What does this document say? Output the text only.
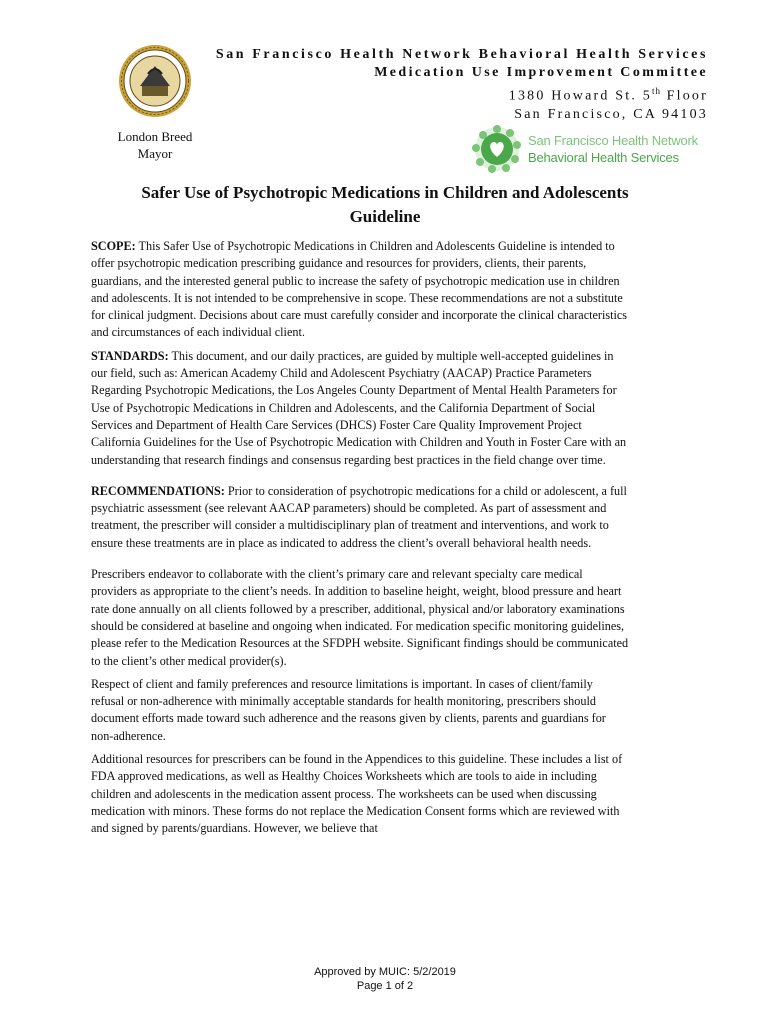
London Breed
Mayor
San Francisco Health Network Behavioral Health Services
Medication Use Improvement Committee
1380 Howard St. 5th Floor
San Francisco, CA 94103
San Francisco Health Network
Behavioral Health Services
Safer Use of Psychotropic Medications in Children and Adolescents
Guideline

SCOPE: This Safer Use of Psychotropic Medications in Children and Adolescents Guideline is intended to offer psychotropic medication prescribing guidance and resources for providers, clients, their parents, guardians, and the interested general public to increase the safety of psychotropic medication use in children and adolescents. It is not intended to be comprehensive in scope. These recommendations are not a substitute for clinical judgment. Decisions about care must carefully consider and incorporate the clinical characteristics and circumstances of each individual client.

STANDARDS: This document, and our daily practices, are guided by multiple well-accepted guidelines in our field, such as: American Academy Child and Adolescent Psychiatry (AACAP) Practice Parameters Regarding Psychotropic Medications, the Los Angeles County Department of Mental Health Parameters for Use of Psychotropic Medications in Children and Adolescents, and the California Department of Social Services and Department of Health Care Services (DHCS) Foster Care Quality Improvement Project California Guidelines for the Use of Psychotropic Medication with Children and Youth in Foster Care with an understanding that research findings and consensus regarding best practices in the field change over time.

RECOMMENDATIONS: Prior to consideration of psychotropic medications for a child or adolescent, a full psychiatric assessment (see relevant AACAP parameters) should be completed. As part of assessment and treatment, the prescriber will consider a multidisciplinary plan of treatment and interventions, and work to ensure these treatments are in place as indicated to address the client’s overall behavioral health needs.

Prescribers endeavor to collaborate with the client’s primary care and relevant specialty care medical providers as appropriate to the client’s needs. In addition to baseline height, weight, blood pressure and heart rate done annually on all clients followed by a prescriber, additional, physical and/or laboratory examinations should be considered at baseline and ongoing when indicated. For medication specific monitoring guidelines, please refer to the Medication Resources at the SFDPH website. Significant findings should be communicated to the client’s other medical provider(s).

Respect of client and family preferences and resource limitations is important. In cases of client/family refusal or non-adherence with minimally acceptable standards for health monitoring, prescribers should document efforts made toward such adherence and the reasons given by clients, parents and guardians for non-adherence.

Additional resources for prescribers can be found in the Appendices to this guideline. These includes a list of FDA approved medications, as well as Healthy Choices Worksheets which are tools to aide in including children and adolescents in the medication assent process. The worksheets can be used when discussing medication with minors. These forms do not replace the Medication Consent forms which are reviewed with and signed by parents/guardians. However, we believe that

Approved by MUIC: 5/2/2019
Page 1 of 2
